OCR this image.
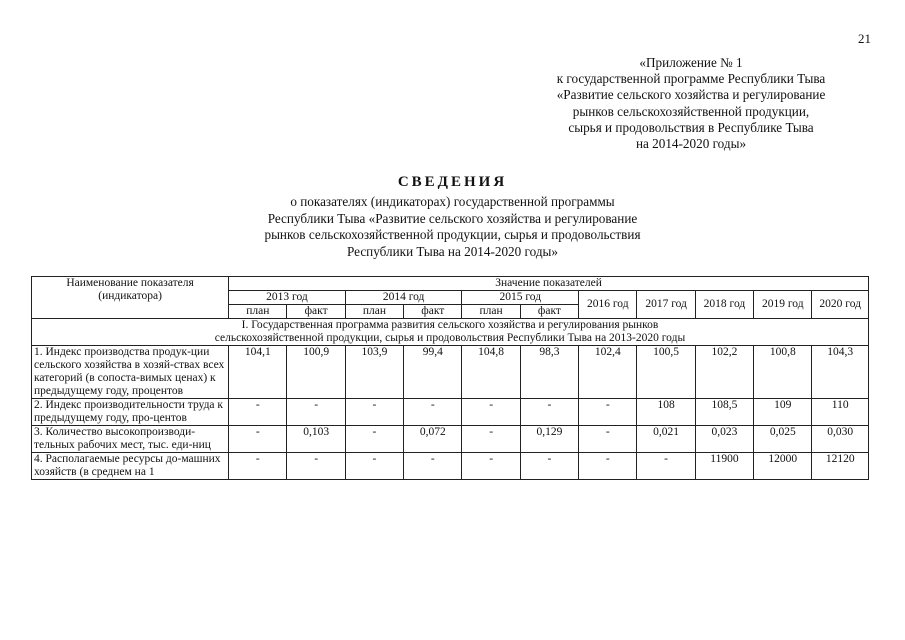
21
«Приложение № 1
к государственной программе Республики Тыва
«Развитие сельского хозяйства и регулирование
рынков сельскохозяйственной продукции,
сырья и продовольствия в Республике Тыва
на 2014-2020 годы»
СВЕДЕНИЯ
о показателях (индикаторах) государственной программы
Республики Тыва «Развитие сельского хозяйства и регулирование
рынков сельскохозяйственной продукции, сырья и продовольствия
Республики Тыва на 2014-2020 годы»
Наименование показателя (индикатора)	Значение показателей										
	2013 год		2014 год		2015 год		2016 год	2017 год	2018 год	2019 год	2020 год
	план	факт	план	факт	план	факт					

I. Государственная программа развития сельского хозяйства и регулирования рынков
сельскохозяйственной продукции, сырья и продовольствия Республики Тыва на 2013-2020 годы											

1. Индекс производства продук-ции сельского хозяйства в хозяй-ствах всех категорий (в сопоста-вимых ценах) к предыдущему году, процентов	104,1	100,9	103,9	99,4	104,8	98,3	102,4	100,5	102,2	100,8	104,3
2. Индекс производительности труда к предыдущему году, про-центов	-	-	-	-	-	-	-	108	108,5	109	110
3. Количество высокопроизводи-тельных рабочих мест, тыс. еди-ниц	-	0,103	-	0,072	-	0,129	-	0,021	0,023	0,025	0,030
4. Располагаемые ресурсы до-машних хозяйств (в среднем на 1	-	-	-	-	-	-	-	-	11900	12000	12120
